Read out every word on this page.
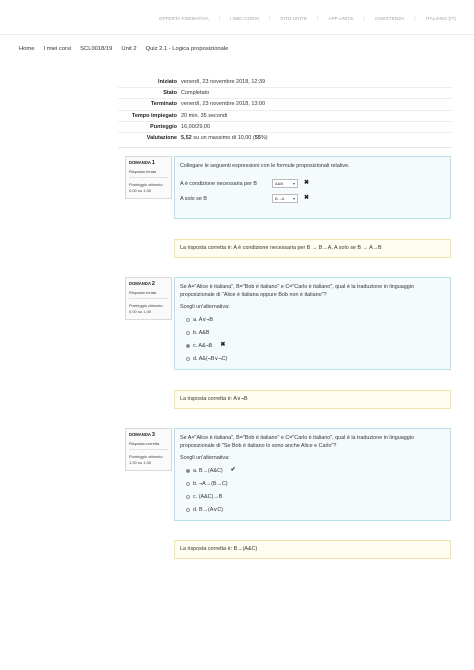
OFFERTA FORMATIVA | I MIEI CORSI | SITO UNITE | APP UNITE | ASSISTENZA | ITALIANO (IT)
Home I miei corsi SCL0018/19 Unit 2 Quiz 2.1 - Logica proposizionale
Iniziato venerdì, 23 novembre 2018, 12:39
Stato Completato
Terminato venerdì, 23 novembre 2018, 13:00
Tempo impiegato 20 min. 35 secondi
Punteggio 16,00/29,00
Valutazione 5,52 su un massimo di 10,00 (55%)
DOMANDA 1
Risposta errata
Punteggio ottenuto 0,00 su 1,00
Collegare le seguenti espressioni con le formule proposizionali relative.
A è condizione necessaria per B	A&B ▾ ✖
A solo se B	B→A ▾ ✖
La risposta corretta è: A è condizione necessaria per B → B→A, A solo se B → A→B
DOMANDA 2
Risposta errata
Punteggio ottenuto 0,00 su 1,00
Se A="Alice è italiana", B="Bob è italiano" e C="Carlo è italiano", qual è la traduzione in linguaggio proposizionale di "Alice è italiana oppure Bob non è italiano"?
Scegli un'alternativa:
a. A∨¬B
b. A&B
c. A&¬B ✖
d. A&(¬B∨¬C)
La risposta corretta è: A∨¬B
DOMANDA 3
Risposta corretta
Punteggio ottenuto 1,00 su 1,00
Se A="Alice è italiana", B="Bob è italiano" e C="Carlo è italiano", qual è la traduzione in linguaggio proposizionale di "Se Bob è italiano lo sono anche Alice e Carlo"?
Scegli un'alternativa:
a. B→(A&C) ✔
b. ¬A→(B→C)
c. (A&C)→B
d. B→(A∨C)
La risposta corretta è: B→(A&C)
